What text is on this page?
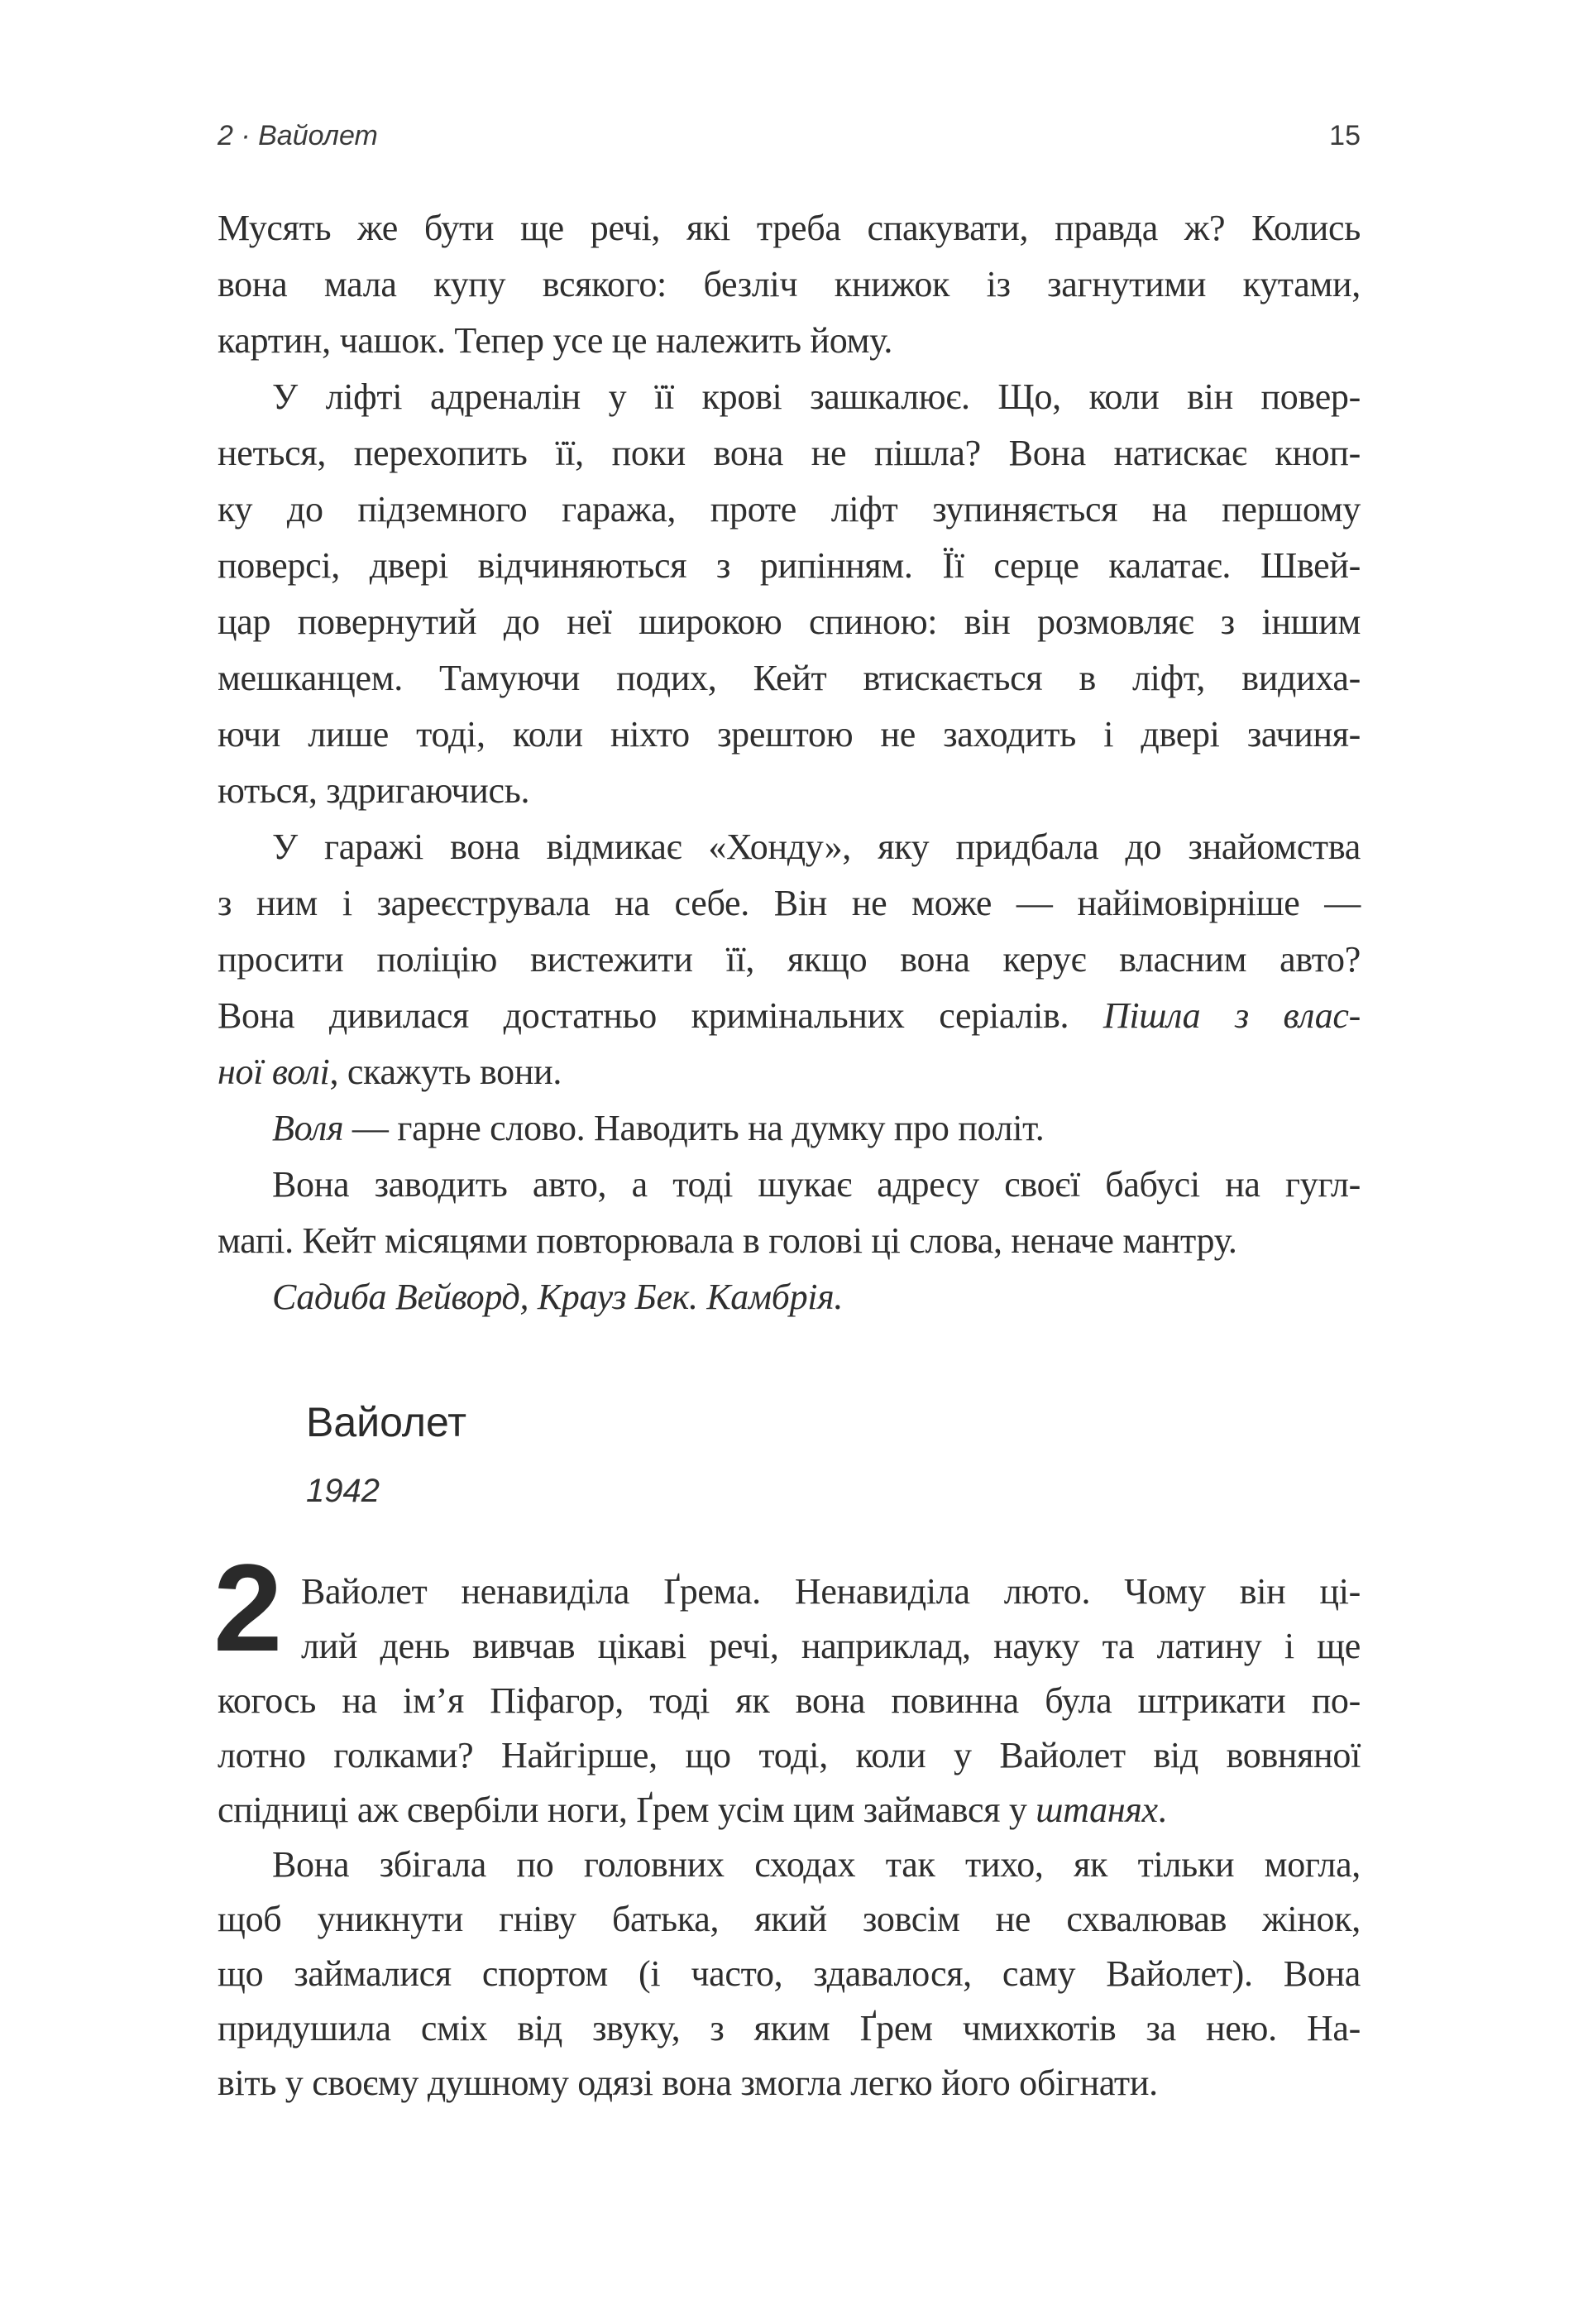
2 · Вайолет	15
Мусять же бути ще речі, які треба спакувати, правда ж? Колись
вона мала купу всякого: безліч книжок із загнутими кутами,
картин, чашок. Тепер усе це належить йому.
У ліфті адреналін у її крові зашкалює. Що, коли він повер-
неться, перехопить її, поки вона не пішла? Вона натискає кноп-
ку до підземного гаража, проте ліфт зупиняється на першому
поверсі, двері відчиняються з рипінням. Її серце калатає. Швей-
цар повернутий до неї широкою спиною: він розмовляє з іншим
мешканцем. Тамуючи подих, Кейт втискається в ліфт, видиха-
ючи лише тоді, коли ніхто зрештою не заходить і двері зачиня-
ються, здригаючись.
У гаражі вона відмикає «Хонду», яку придбала до знайомства
з ним і зареєструвала на себе. Він не може — найімовірніше —
просити поліцію вистежити її, якщо вона керує власним авто?
Вона дивилася достатньо кримінальних серіалів. Пішла з влас-
ної волі, скажуть вони.
Воля — гарне слово. Наводить на думку про політ.
Вона заводить авто, а тоді шукає адресу своєї бабусі на гугл-
мапі. Кейт місяцями повторювала в голові ці слова, неначе мантру.
Садиба Вейворд, Крауз Бек. Камбрія.
Вайолет
1942
2 Вайолет ненавиділа Ґрема. Ненавиділа люто. Чому він ці-
лий день вивчав цікаві речі, наприклад, науку та латину і ще
когось на ім’я Піфагор, тоді як вона повинна була штрикати по-
лотно голками? Найгірше, що тоді, коли у Вайолет від вовняної
спідниці аж свербіли ноги, Ґрем усім цим займався у штанях.
Вона збігала по головних сходах так тихо, як тільки могла,
щоб уникнути гніву батька, який зовсім не схвалював жінок,
що займалися спортом (і часто, здавалося, саму Вайолет). Вона
придушила сміх від звуку, з яким Ґрем чмихкотів за нею. На-
віть у своєму душному одязі вона змогла легко його обігнати.
